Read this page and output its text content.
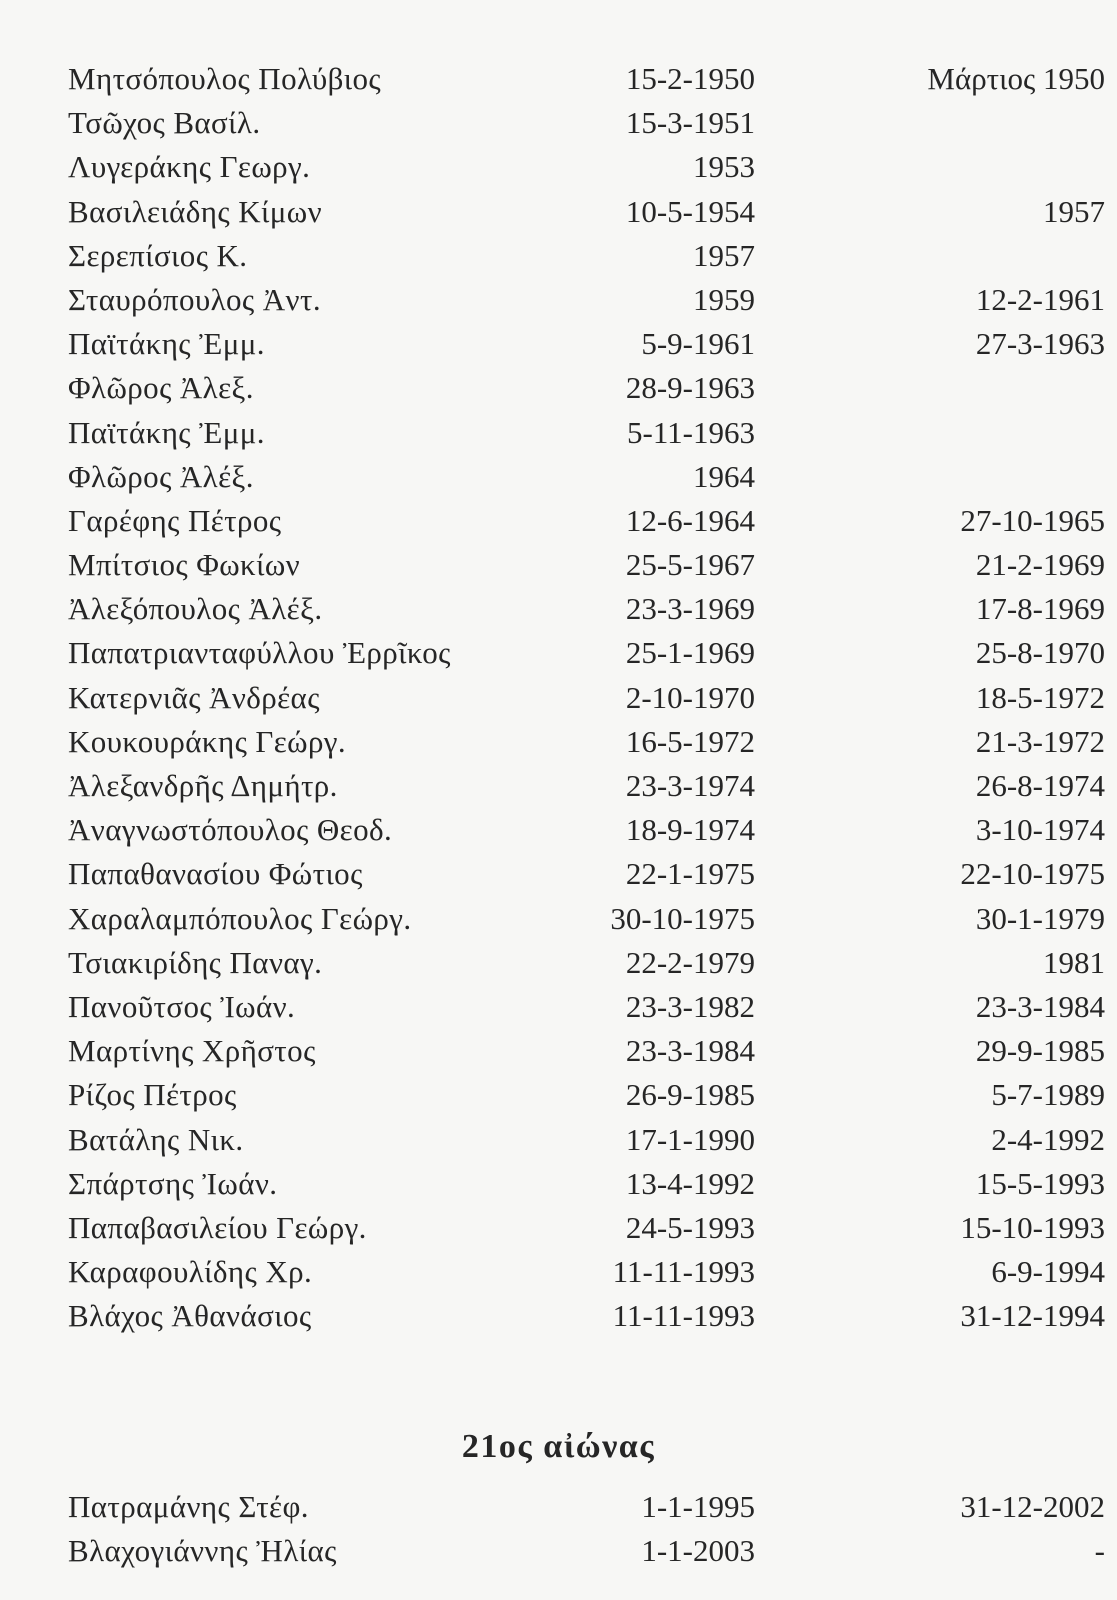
Μητσόπουλος Πολύβιος	15-2-1950	Μάρτιος 1950
Τσῶχος Βασίλ.	15-3-1951
Λυγεράκης Γεωργ.	1953
Βασιλειάδης Κίμων	10-5-1954	1957
Σερεπίσιος Κ.	1957
Σταυρόπουλος Ἀντ.	1959	12-2-1961
Παϊτάκης Ἐμμ.	5-9-1961	27-3-1963
Φλῶρος Ἀλεξ.	28-9-1963
Παϊτάκης Ἐμμ.	5-11-1963
Φλῶρος Ἀλέξ.	1964
Γαρέφης Πέτρος	12-6-1964	27-10-1965
Μπίτσιος Φωκίων	25-5-1967	21-2-1969
Ἀλεξόπουλος Ἀλέξ.	23-3-1969	17-8-1969
Παπατριανταφύλλου Ἐρρῖκος	25-1-1969	25-8-1970
Κατερνιᾶς Ἀνδρέας	2-10-1970	18-5-1972
Κουκουράκης Γεώργ.	16-5-1972	21-3-1972
Ἀλεξανδρῆς Δημήτρ.	23-3-1974	26-8-1974
Ἀναγνωστόπουλος Θεοδ.	18-9-1974	3-10-1974
Παπαθανασίου Φώτιος	22-1-1975	22-10-1975
Χαραλαμπόπουλος Γεώργ.	30-10-1975	30-1-1979
Τσιακιρίδης Παναγ.	22-2-1979	1981
Πανοῦτσος Ἰωάν.	23-3-1982	23-3-1984
Μαρτίνης Χρῆστος	23-3-1984	29-9-1985
Ρίζος Πέτρος	26-9-1985	5-7-1989
Βατάλης Νικ.	17-1-1990	2-4-1992
Σπάρτσης Ἰωάν.	13-4-1992	15-5-1993
Παπαβασιλείου Γεώργ.	24-5-1993	15-10-1993
Καραφουλίδης Χρ.	11-11-1993	6-9-1994
Βλάχος Ἀθανάσιος	11-11-1993	31-12-1994
21ος αἰώνας
Πατραμάνης Στέφ.	1-1-1995	31-12-2002
Βλαχογιάννης Ἠλίας	1-1-2003	-
